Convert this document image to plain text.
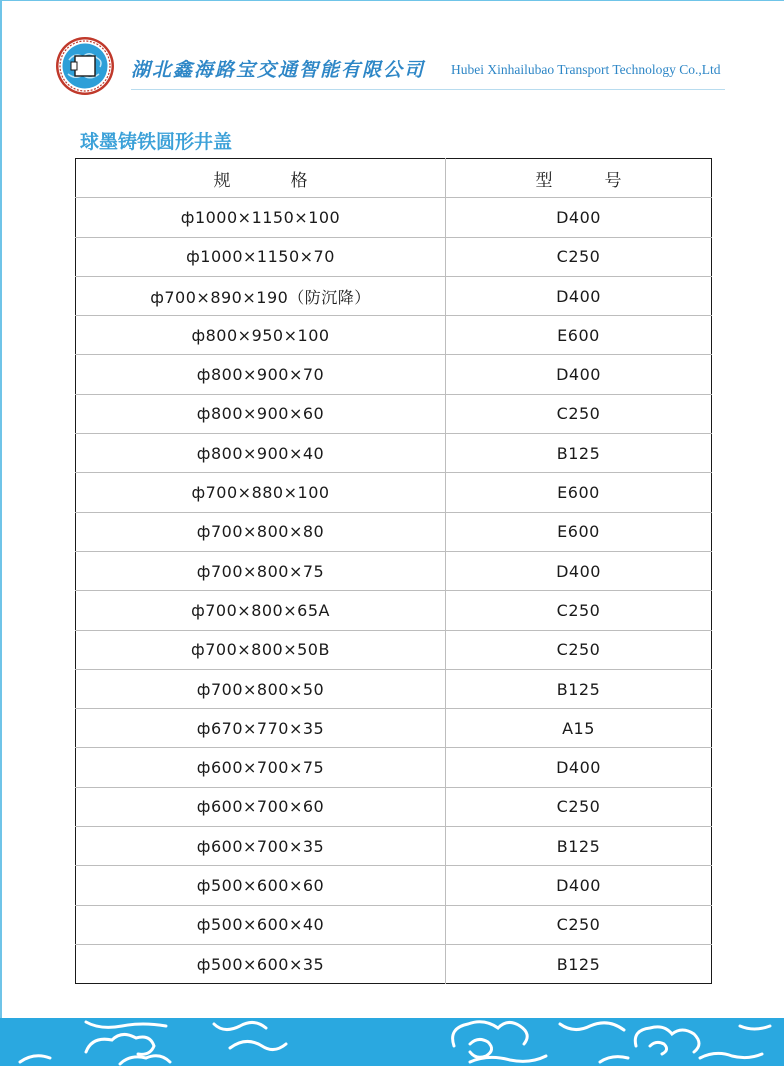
湖北鑫海路宝交通智能有限公司 Hubei Xinhailubao Transport Technology Co.,Ltd
球墨铸铁圆形井盖
规 格	型 号
ф1000×1150×100	D400
ф1000×1150×70	C250
ф700×890×190（防沉降）	D400
ф800×950×100	E600
ф800×900×70	D400
ф800×900×60	C250
ф800×900×40	B125
ф700×880×100	E600
ф700×800×80	E600
ф700×800×75	D400
ф700×800×65A	C250
ф700×800×50B	C250
ф700×800×50	B125
ф670×770×35	A15
ф600×700×75	D400
ф600×700×60	C250
ф600×700×35	B125
ф500×600×60	D400
ф500×600×40	C250
ф500×600×35	B125
